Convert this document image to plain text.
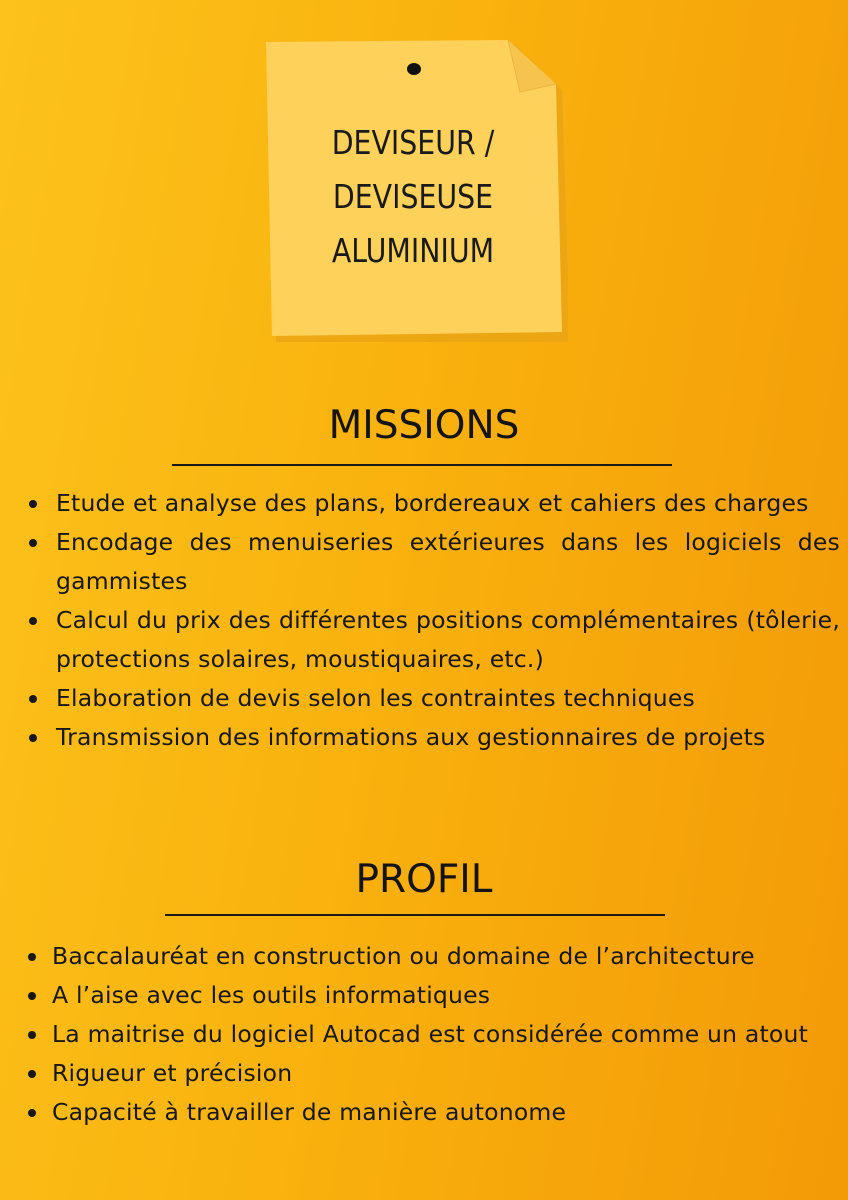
DEVISEUR /
DEVISEUSE
ALUMINIUM
MISSIONS
Etude et analyse des plans, bordereaux et cahiers des charges
Encodage des menuiseries extérieures dans les logiciels des gammistes
Calcul du prix des différentes positions complémentaires (tôlerie, protections solaires, moustiquaires, etc.)
Elaboration de devis selon les contraintes techniques
Transmission des informations aux gestionnaires de projets
PROFIL
Baccalauréat en construction ou domaine de l’architecture
A l’aise avec les outils informatiques
La maitrise du logiciel Autocad est considérée comme un atout
Rigueur et précision
Capacité à travailler de manière autonome
